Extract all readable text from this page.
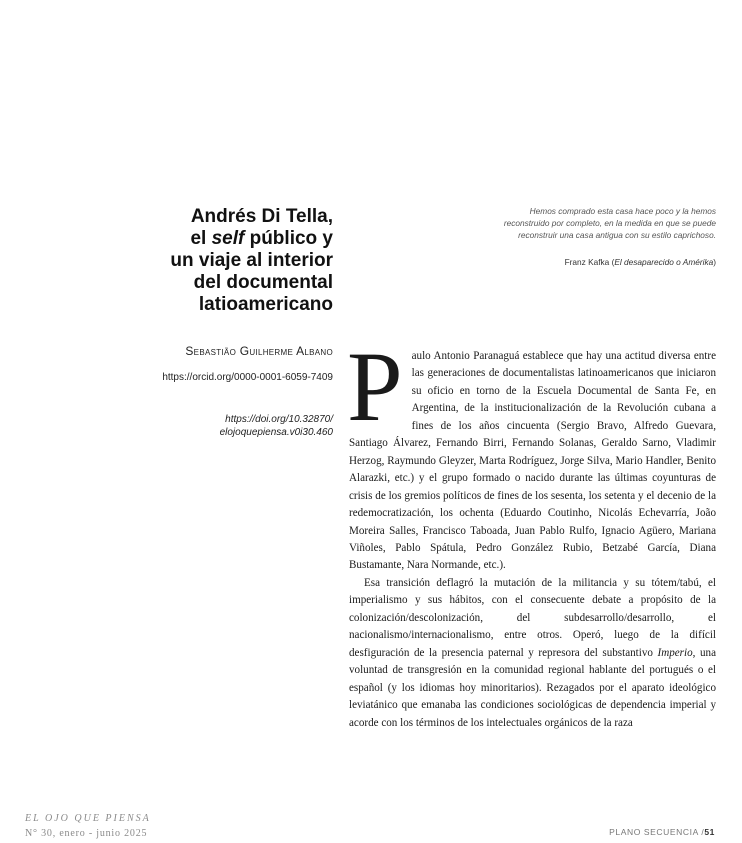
Andrés Di Tella,
el self público y
un viaje al interior
del documental
latioamericano
Hemos comprado esta casa hace poco y la hemos
reconstruido por completo, en la medida en que se puede
reconstruir una casa antigua con su estilo caprichoso.
Franz Kafka (El desaparecido o Amérika)
Sebastião Guilherme Albano
https://orcid.org/0000-0001-6059-7409
https://doi.org/10.32870/
elojoquepiensa.v0i30.460 Paulo Antonio Paranaguá establece que hay una actitud diversa entre las generaciones de documentalistas latinoamericanos que iniciaron su oficio en torno de la Escuela Documental de Santa Fe, en Argentina, de la institucionalización de la Revolución cubana a fines de los años cincuenta (Sergio Bravo, Alfredo Guevara, Santiago Álvarez, Fernando Birri, Fernando Solanas, Geraldo Sarno, Vladimir Herzog, Raymundo Gleyzer, Marta Rodríguez, Jorge Silva, Mario Handler, Benito Alarazki, etc.) y el grupo formado o nacido durante las últimas coyunturas de crisis de los gremios políticos de fines de los sesenta, los setenta y el decenio de la redemocratización, los ochenta (Eduardo Coutinho, Nicolás Echevarría, João Moreira Salles, Francisco Taboada, Juan Pablo Rulfo, Ignacio Agüero, Mariana Viñoles, Pablo Spátula, Pedro González Rubio, Betzabé García, Diana Bustamante, Nara Normande, etc.).

Esa transición deflagró la mutación de la militancia y su tótem/tabú, el imperialismo y sus hábitos, con el consecuente debate a propósito de la colonización/descolonización, del subdesarrollo/desarrollo, el nacionalismo/internacionalismo, entre otros. Operó, luego de la difícil desfiguración de la presencia paternal y represora del substantivo Imperio, una voluntad de transgresión en la comunidad regional hablante del portugués o el español (y los idiomas hoy minoritarios). Rezagados por el aparato ideológico leviatánico que emanaba las condiciones sociológicas de dependencia imperial y acorde con los términos de los intelectuales orgánicos de la raza

EL OJO QUE PIENSA
N° 30, enero - junio 2025	PLANO SECUENCIA /51
